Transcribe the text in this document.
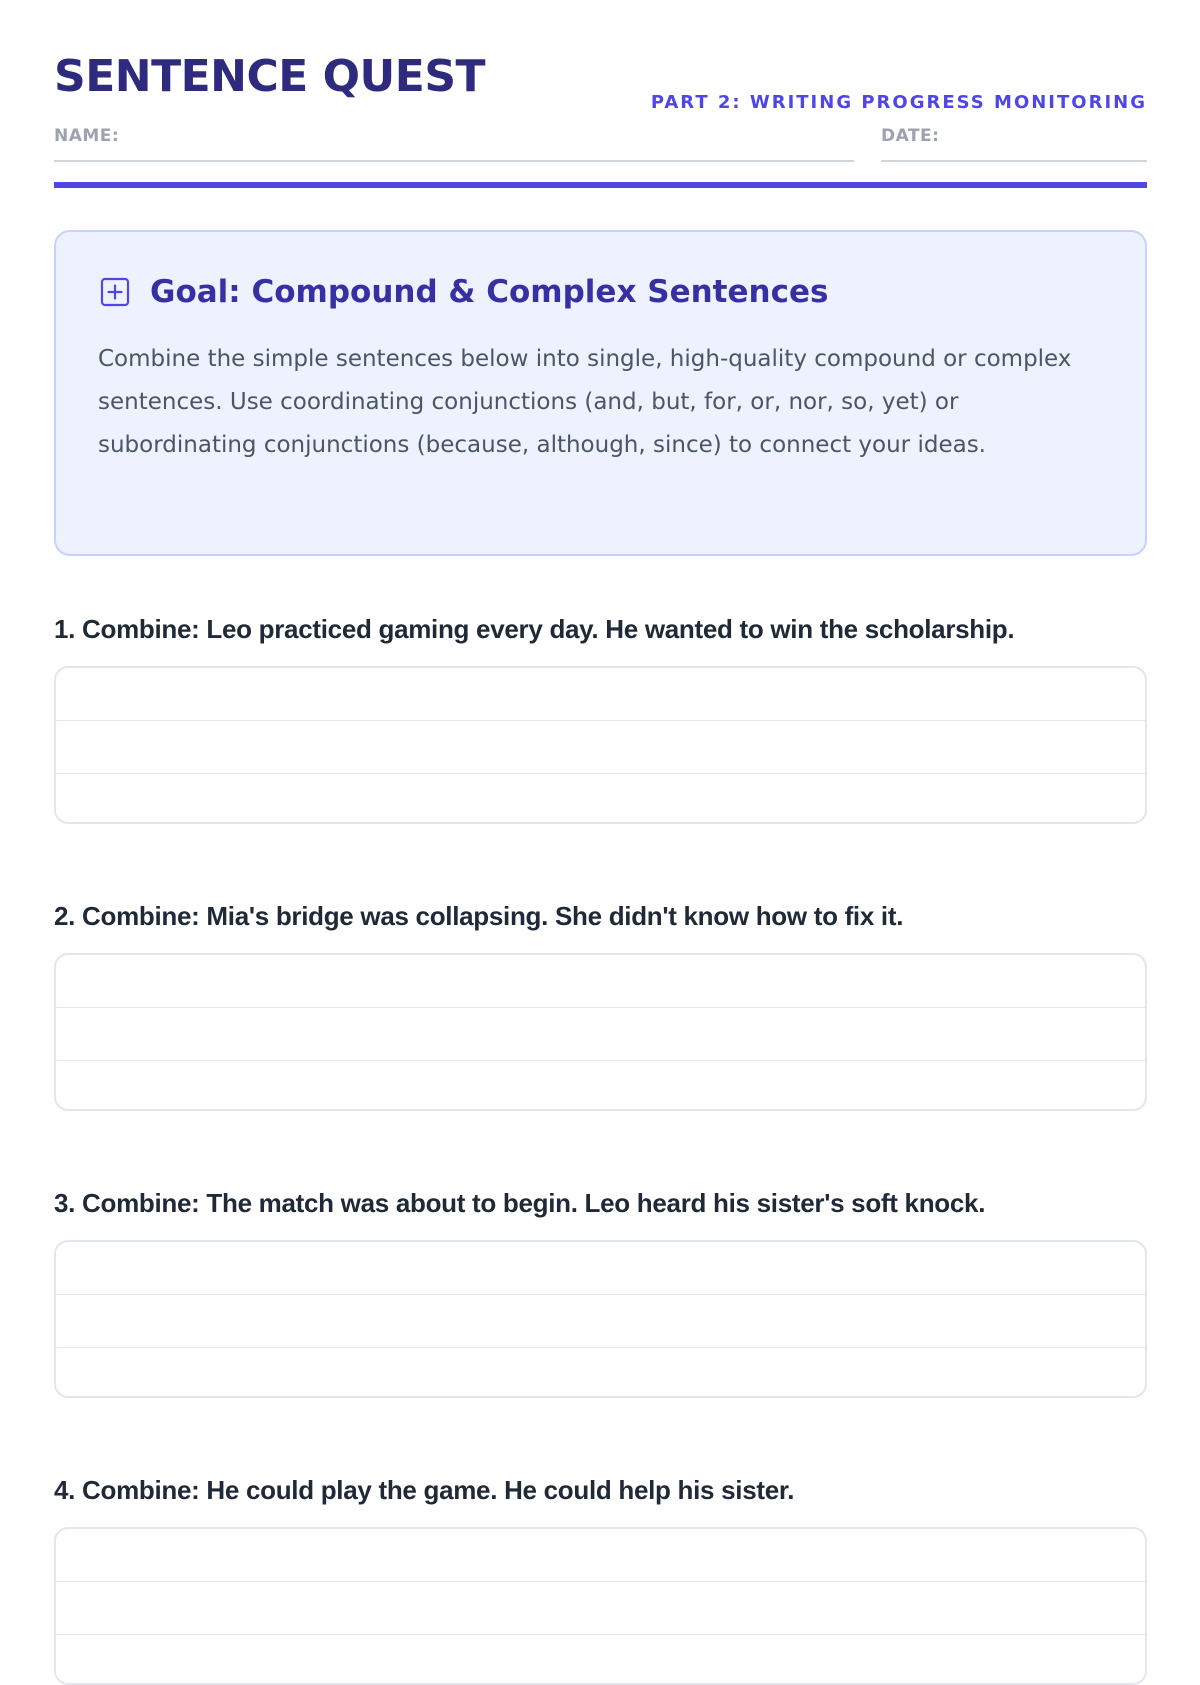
SENTENCE QUEST
PART 2: WRITING PROGRESS MONITORING
NAME:	DATE:
Goal: Compound & Complex Sentences

Combine the simple sentences below into single, high-quality compound or complex sentences. Use coordinating conjunctions (and, but, for, or, nor, so, yet) or subordinating conjunctions (because, although, since) to connect your ideas.

1. Combine: Leo practiced gaming every day. He wanted to win the scholarship.

2. Combine: Mia's bridge was collapsing. She didn't know how to fix it.

3. Combine: The match was about to begin. Leo heard his sister's soft knock.

4. Combine: He could play the game. He could help his sister.
